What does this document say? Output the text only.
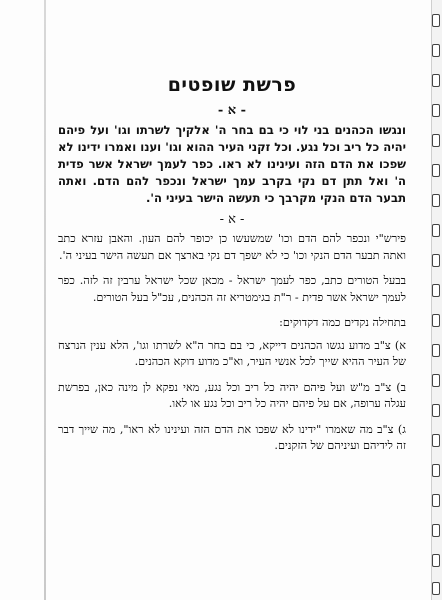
פרשת שופטים
- א -
ונגשו הכהנים בני לוי כי בם בחר ה' אלקיך לשרתו וגו' ועל פיהם יהיה כל ריב וכל נגע. וכל זקני העיר ההוא וגו' וענו ואמרו ידינו לא שפכו את הדם הזה ועינינו לא ראו. כפר לעמך ישראל אשר פדית ה' ואל תתן דם נקי בקרב עמך ישראל ונכפר להם הדם. ואתה תבער הדם הנקי מקרבך כי תעשה הישר בעיני ה'.
- א -
פירש"י ונכפר להם הדם וכו' שמשעשו כן יכופר להם העון. והאבן עזרא כתב ואתה תבער הדם הנקי וכו' כי לא ישפך דם נקי בארצך אם תעשה הישר בעיני ה'.
בבעל הטורים כתב, כפר לעמך ישראל - מכאן שכל ישראל ערבין זה לזה. כפר לעמך ישראל אשר פדית - ר"ת בגימטריא זה הכהנים, עכ"ל בעל הטורים.
בתחילה נקדים כמה דקדוקים:
א) צ"ב מדוע נגשו הכהנים דייקא, כי בם בחר ה"א לשרתו וגו', הלא ענין הנרצח של העיר ההיא שייך לכל אנשי העיר, וא"כ מדוע דוקא הכהנים.
ב) צ"ב מ"ש ועל פיהם יהיה כל ריב וכל נגע, מאי נפקא לן מינה כאן, בפרשת עגלה ערופה, אם על פיהם יהיה כל ריב וכל נגע או לאו.
ג) צ"ב מה שאמרו "ידינו לא שפכו את הדם הזה ועינינו לא ראו", מה שייך דבר זה לידיהם ועיניהם של הזקנים.
